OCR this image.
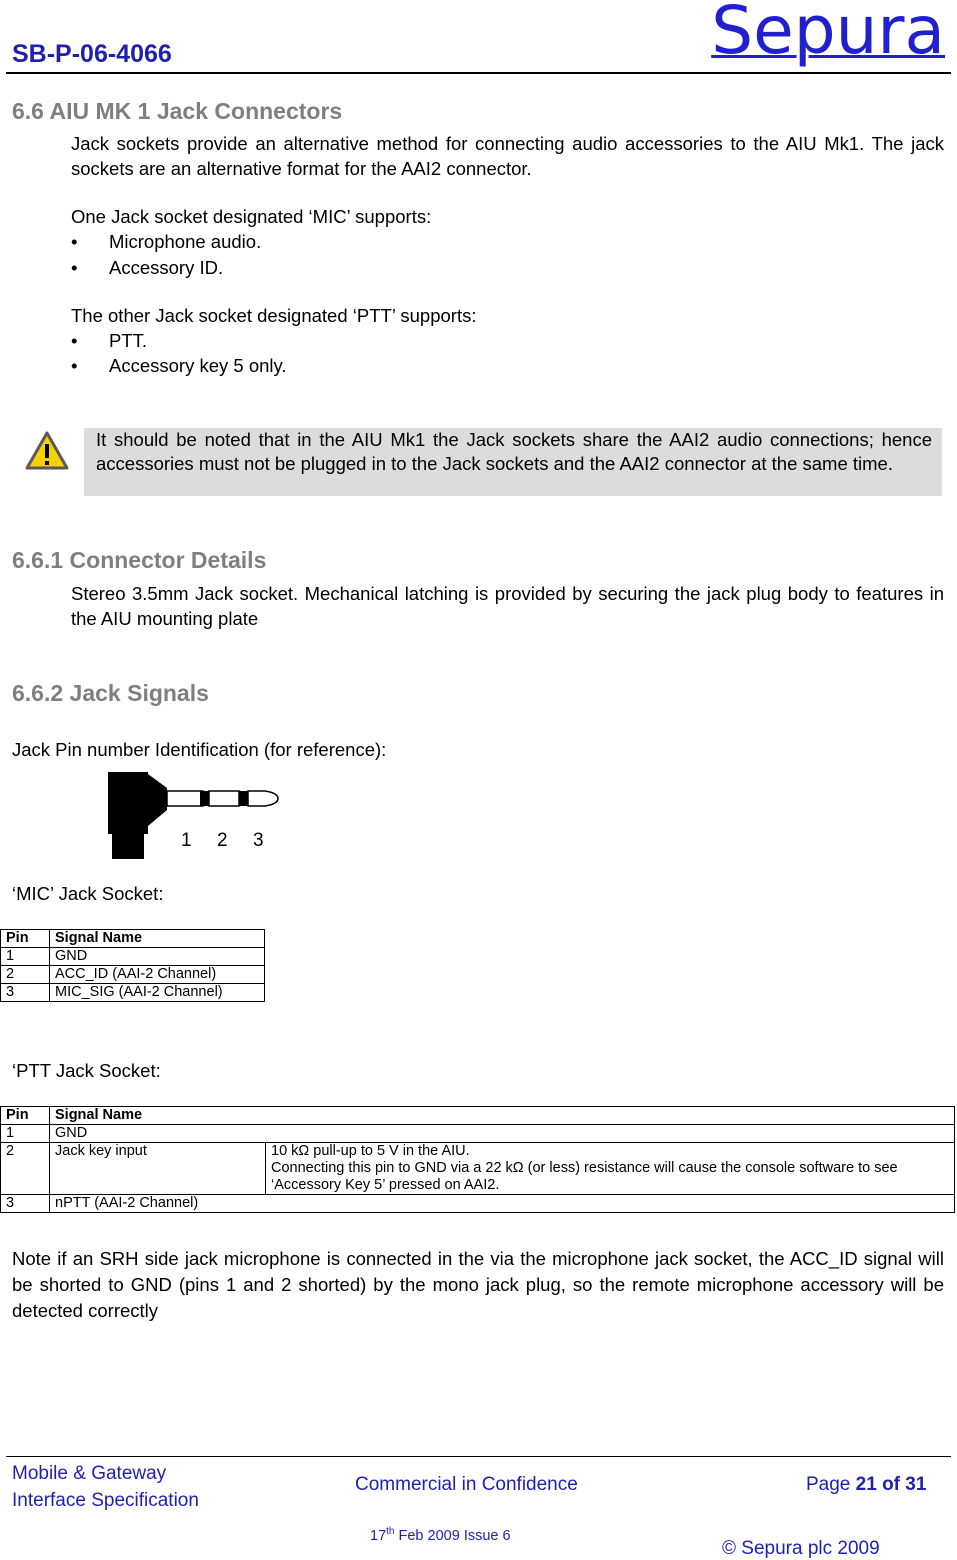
SB-P-06-4066	Sepura
6.6 AIU MK 1 Jack Connectors
Jack sockets provide an alternative method for connecting audio accessories to the AIU Mk1. The jack sockets are an alternative format for the AAI2 connector.
One Jack socket designated ‘MIC’ supports:
• Microphone audio.
• Accessory ID.
The other Jack socket designated ‘PTT’ supports:
• PTT.
• Accessory key 5 only.
It should be noted that in the AIU Mk1 the Jack sockets share the AAI2 audio connections; hence accessories must not be plugged in to the Jack sockets and the AAI2 connector at the same time.
6.6.1 Connector Details
Stereo 3.5mm Jack socket. Mechanical latching is provided by securing the jack plug body to features in the AIU mounting plate
6.6.2 Jack Signals
Jack Pin number Identification (for reference):
1 2 3
‘MIC’ Jack Socket:
Pin	Signal Name
1	GND
2	ACC_ID (AAI-2 Channel)
3	MIC_SIG (AAI-2 Channel)
‘PTT Jack Socket:
Pin	Signal Name	
1	GND	
2	Jack key input	10 kΩ pull-up to 5 V in the AIU.
Connecting this pin to GND via a 22 kΩ (or less) resistance will cause the console software to see ‘Accessory Key 5’ pressed on AAI2.

3	nPTT (AAI-2 Channel)	
Note if an SRH side jack microphone is connected in the via the microphone jack socket, the ACC_ID signal will be shorted to GND (pins 1 and 2 shorted) by the mono jack plug, so the remote microphone accessory will be detected correctly
Mobile & Gateway
Interface Specification
Commercial in Confidence	Page 21 of 31
17th Feb 2009 Issue 6
© Sepura plc 2009
